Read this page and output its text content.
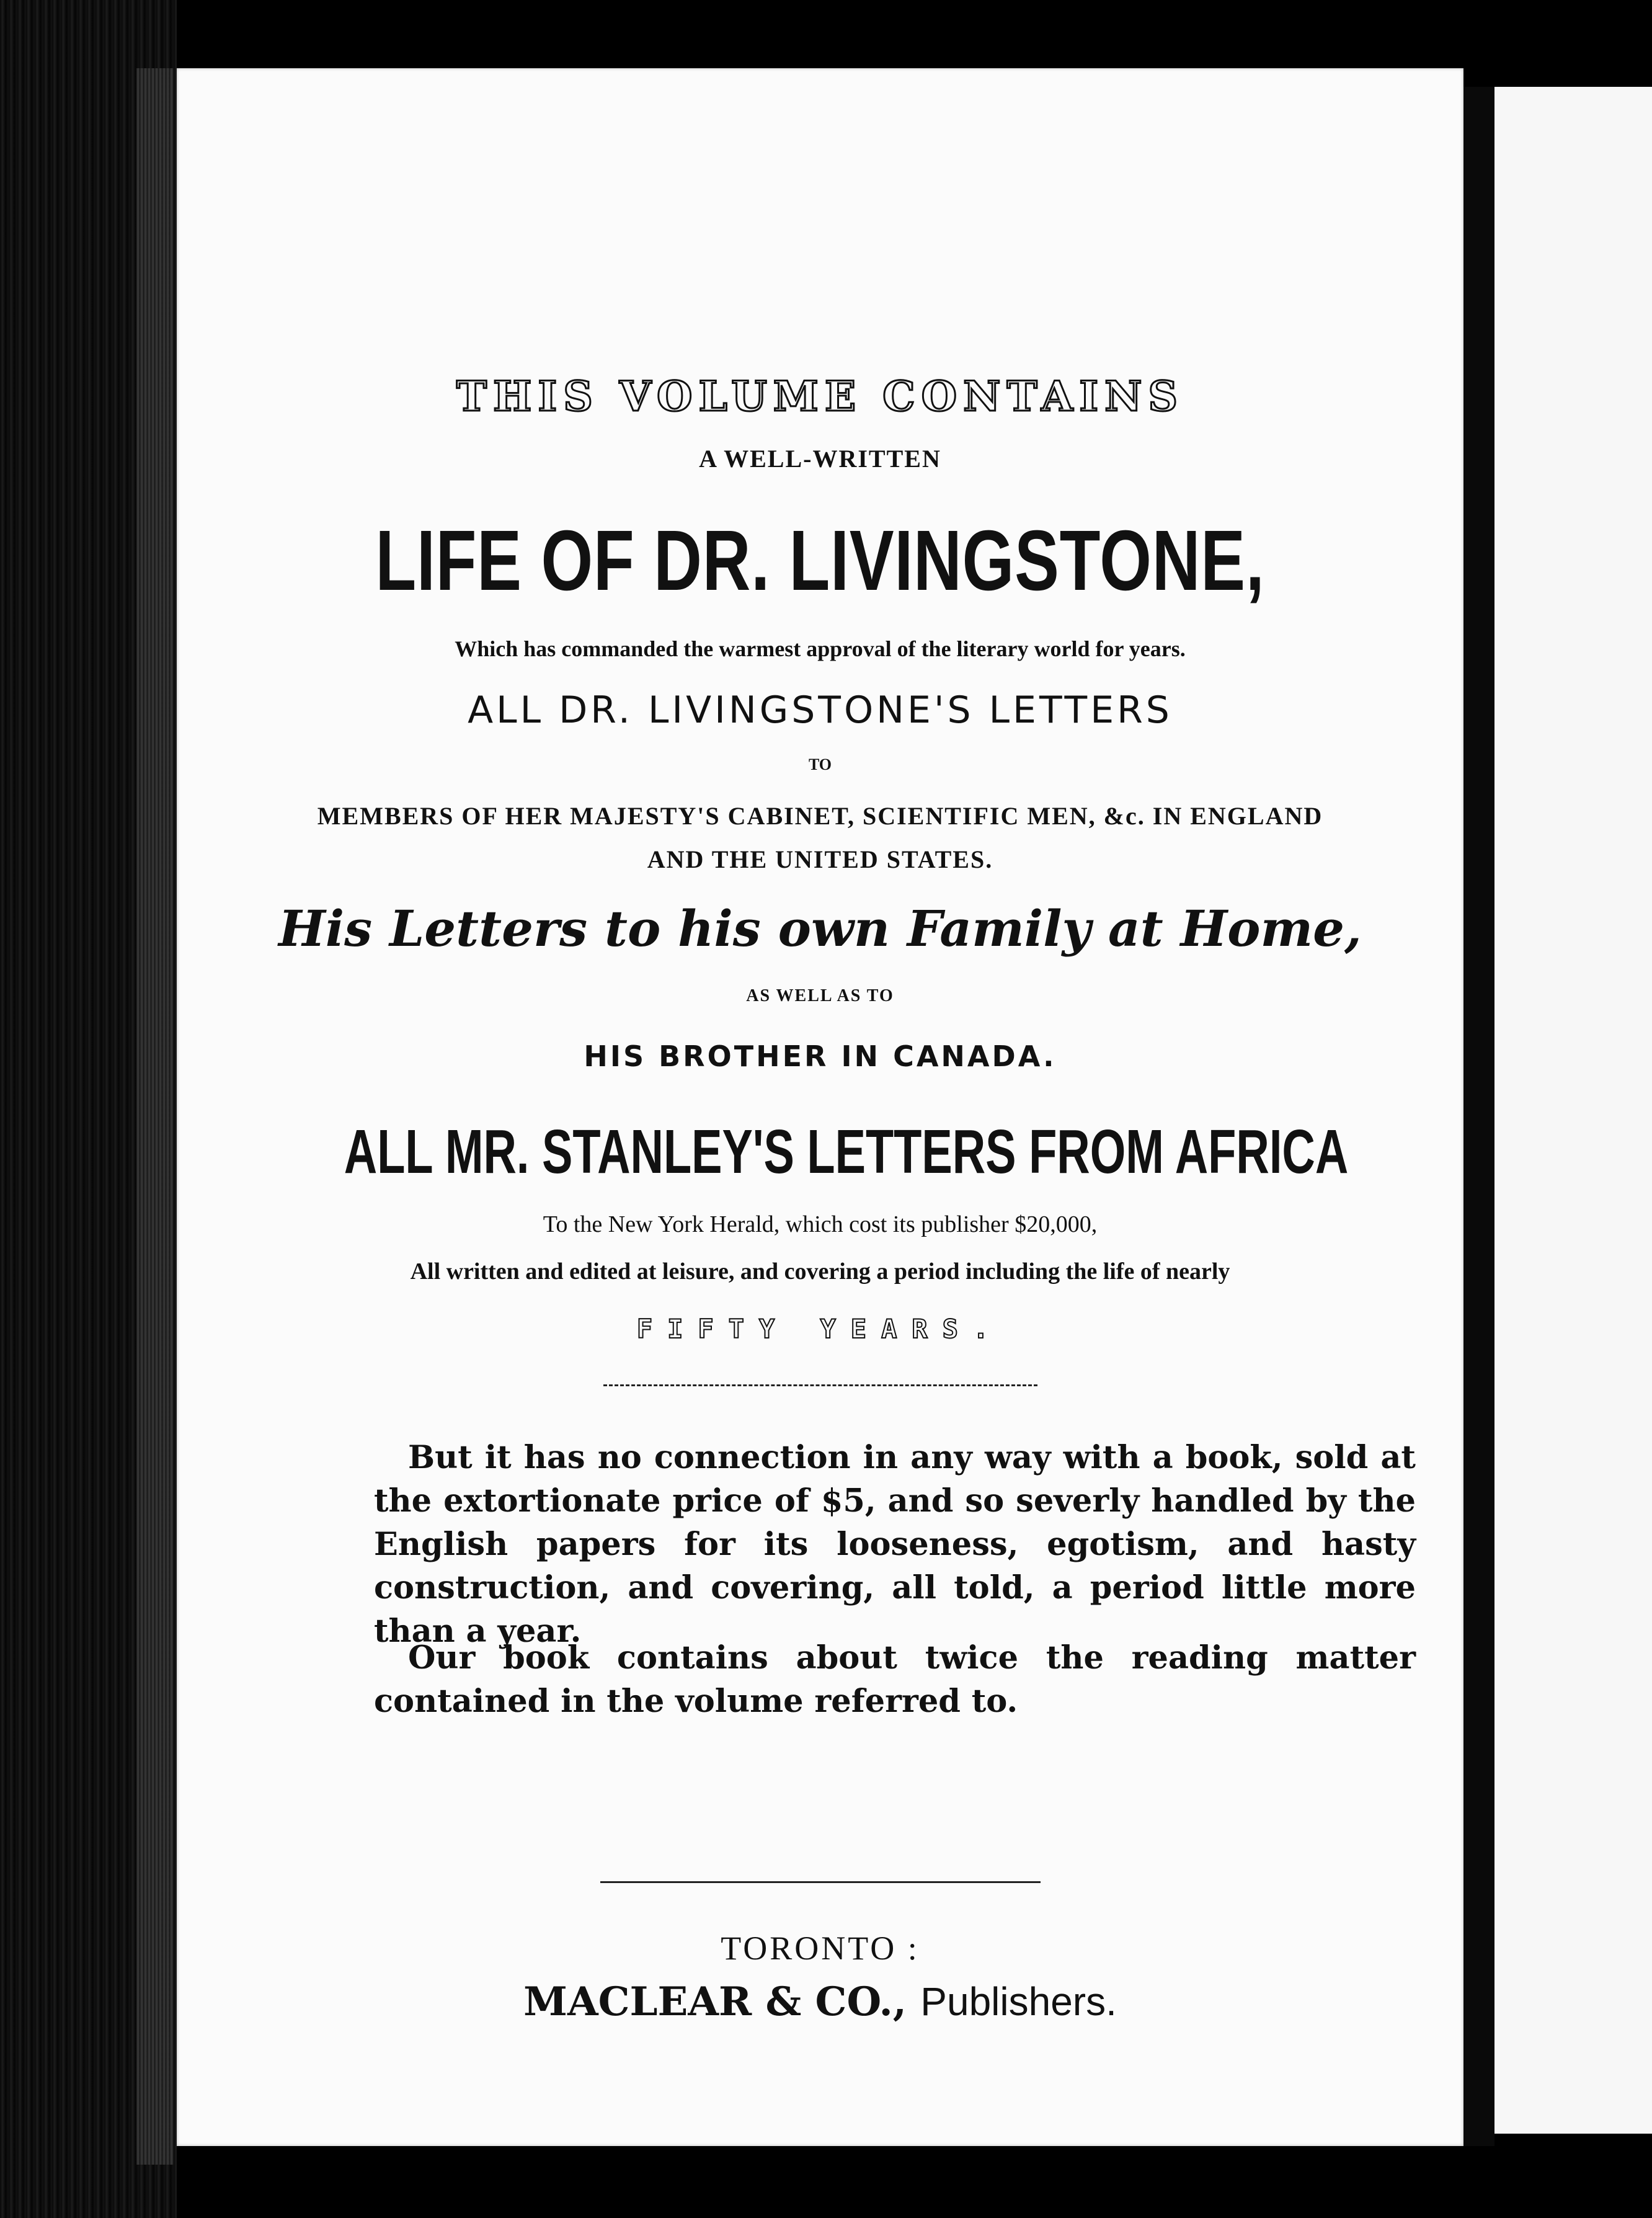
THIS VOLUME CONTAINS
A WELL-WRITTEN
LIFE OF DR. LIVINGSTONE,
Which has commanded the warmest approval of the literary world for years.
ALL DR. LIVINGSTONE'S LETTERS
TO
MEMBERS OF HER MAJESTY'S CABINET, SCIENTIFIC MEN, &c. IN ENGLAND
AND THE UNITED STATES.
His Letters to his own Family at Home,
AS WELL AS TO
HIS BROTHER IN CANADA.
ALL MR. STANLEY'S LETTERS FROM AFRICA
To the New York Herald, which cost its publisher $20,000,
All written and edited at leisure, and covering a period including the life of nearly
FIFTY YEARS.
But it has no connection in any way with a book, sold at the extortionate price of $5, and so severly handled by the English papers for its looseness, egotism, and hasty construction, and covering, all told, a period little more than a year.
Our book contains about twice the reading matter contained in the volume referred to.
TORONTO :
MACLEAR & CO., Publishers.
